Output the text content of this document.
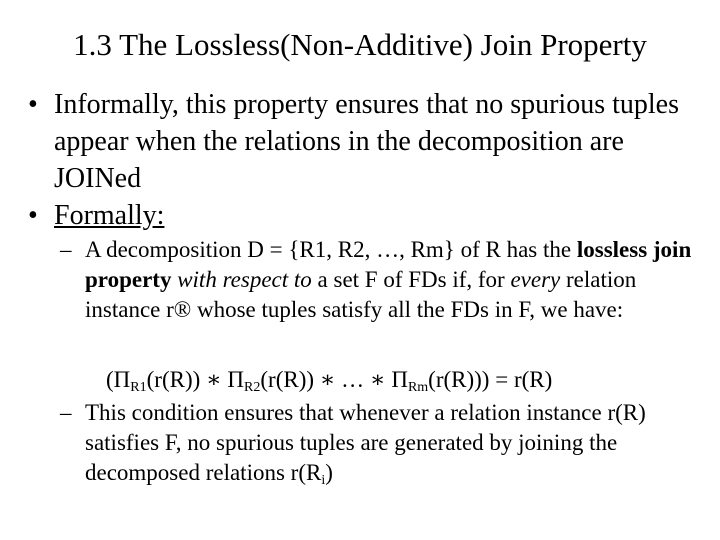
1.3 The Lossless(Non-Additive) Join Property
• Informally, this property ensures that no spurious tuples appear when the relations in the decomposition are JOINed
• Formally:
– A decomposition D = {R1, R2, …, Rm} of R has the lossless join property with respect to a set F of FDs if, for every relation instance r® whose tuples satisfy all the FDs in F, we have:
($\Pi_{R1}(r(R))$ ∗ $\Pi_{R2}(r(R))$ ∗ … ∗ $\Pi_{Rm}(r(R))) = r(R)$
– This condition ensures that whenever a relation instance r(R) satisfies F, no spurious tuples are generated by joining the decomposed relations $r(R_i)$
